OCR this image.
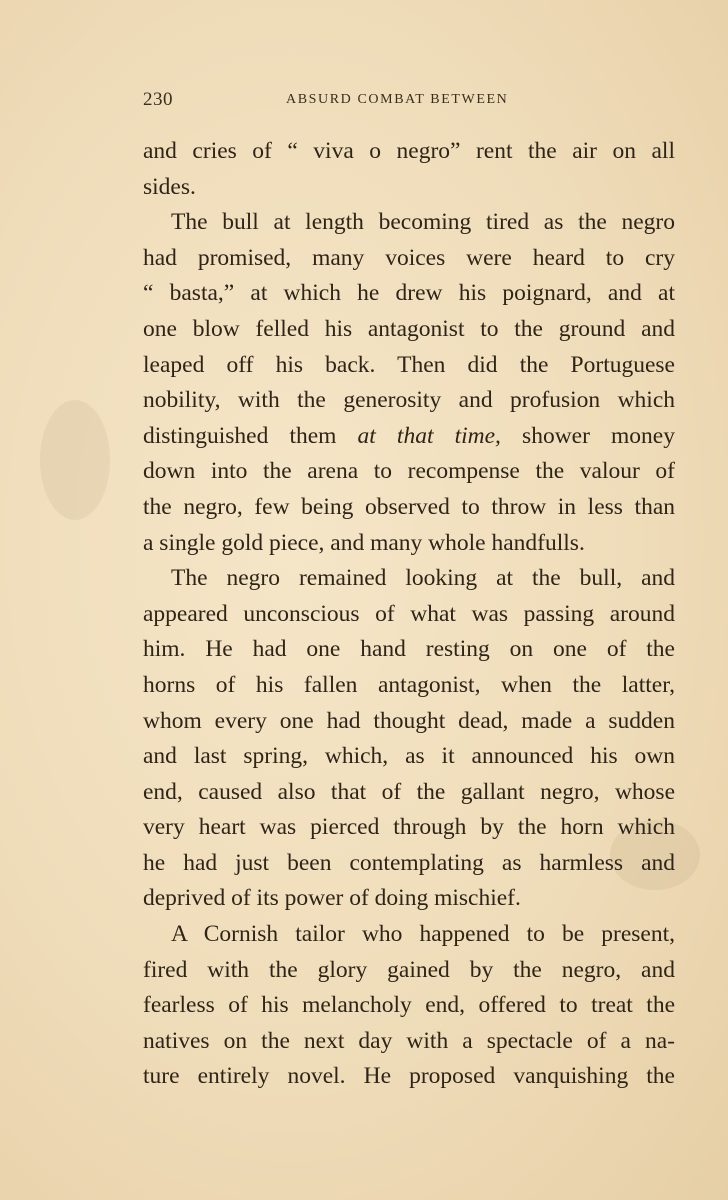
230	ABSURD COMBAT BETWEEN
and cries of “ viva o negro” rent the air on all
sides.
The bull at length becoming tired as the negro
had promised, many voices were heard to cry
“ basta,” at which he drew his poignard, and at
one blow felled his antagonist to the ground and
leaped off his back. Then did the Portuguese
nobility, with the generosity and profusion which
distinguished them at that time, shower money
down into the arena to recompense the valour of
the negro, few being observed to throw in less than
a single gold piece, and many whole handfulls.
The negro remained looking at the bull, and
appeared unconscious of what was passing around
him. He had one hand resting on one of the
horns of his fallen antagonist, when the latter,
whom every one had thought dead, made a sudden
and last spring, which, as it announced his own
end, caused also that of the gallant negro, whose
very heart was pierced through by the horn which
he had just been contemplating as harmless and
deprived of its power of doing mischief.
A Cornish tailor who happened to be present,
fired with the glory gained by the negro, and
fearless of his melancholy end, offered to treat the
natives on the next day with a spectacle of a na-
ture entirely novel. He proposed vanquishing the
